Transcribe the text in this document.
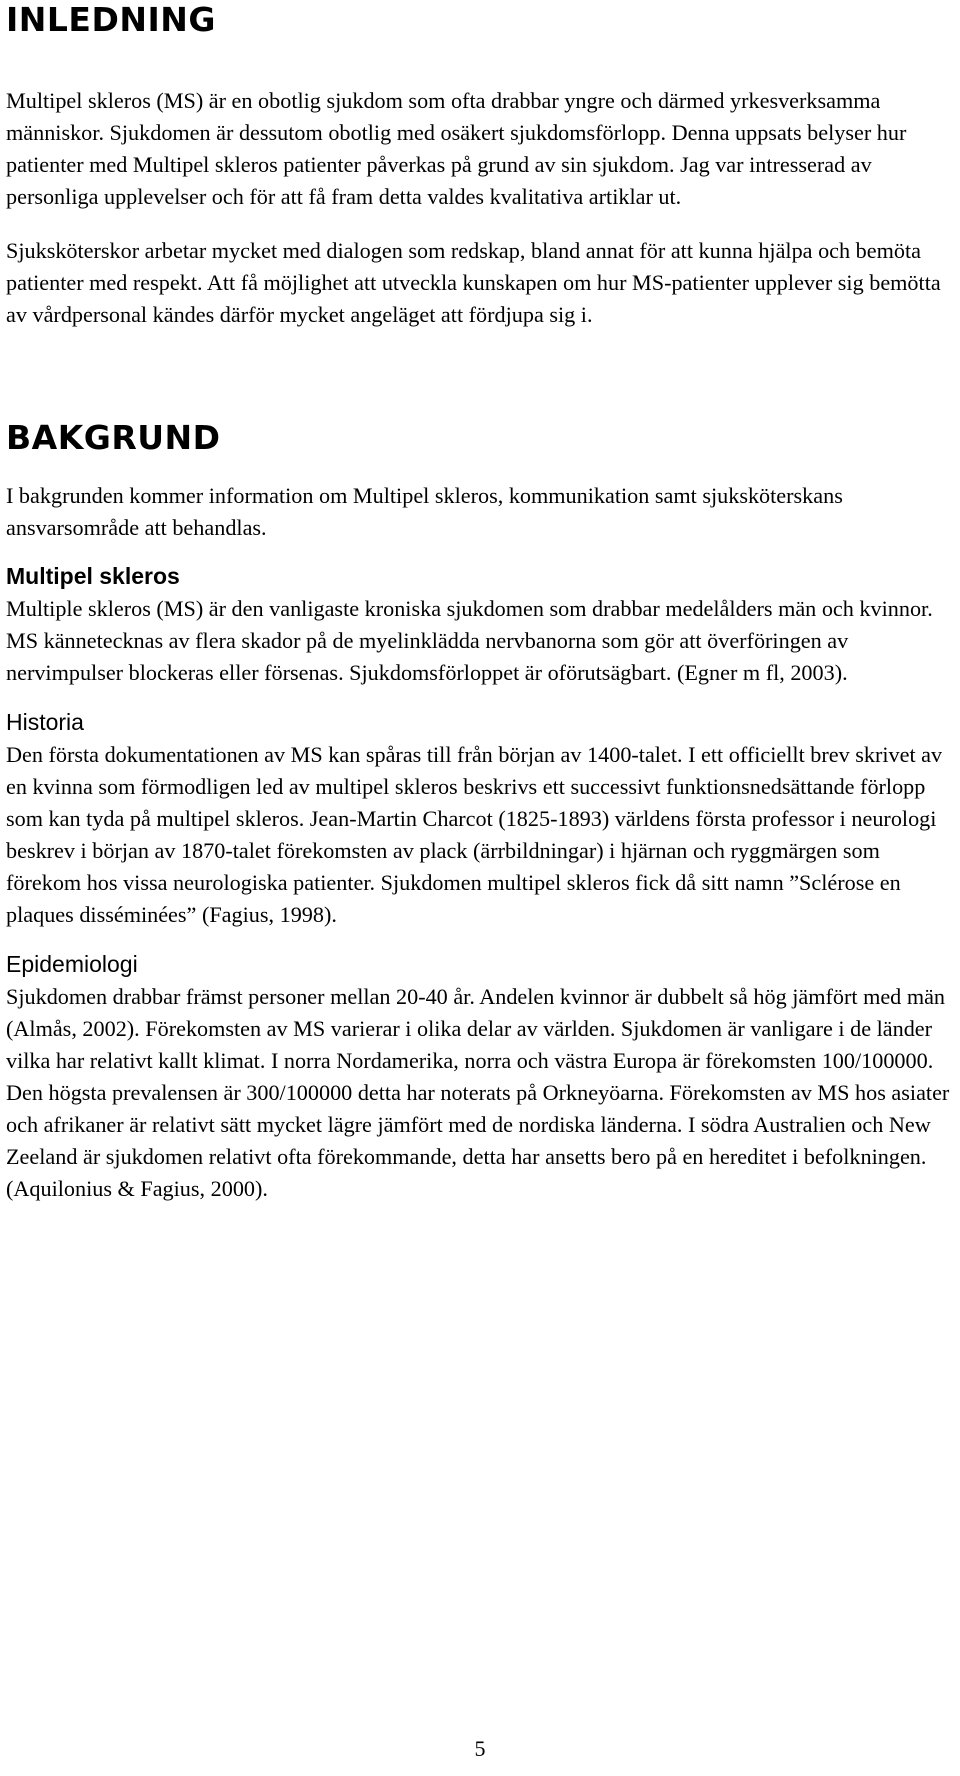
INLEDNING

Multipel skleros (MS) är en obotlig sjukdom som ofta drabbar yngre och därmed yrkesverksamma människor. Sjukdomen är dessutom obotlig med osäkert sjukdomsförlopp. Denna uppsats belyser hur patienter med Multipel skleros patienter påverkas på grund av sin sjukdom. Jag var intresserad av personliga upplevelser och för att få fram detta valdes kvalitativa artiklar ut.

Sjuksköterskor arbetar mycket med dialogen som redskap, bland annat för att kunna hjälpa och bemöta patienter med respekt. Att få möjlighet att utveckla kunskapen om hur MS-patienter upplever sig bemötta av vårdpersonal kändes därför mycket angeläget att fördjupa sig i.

BAKGRUND

I bakgrunden kommer information om Multipel skleros, kommunikation samt sjuksköterskans ansvarsområde att behandlas.

Multipel skleros

Multiple skleros (MS) är den vanligaste kroniska sjukdomen som drabbar medelålders män och kvinnor. MS kännetecknas av flera skador på de myelinklädda nervbanorna som gör att överföringen av nervimpulser blockeras eller försenas. Sjukdomsförloppet är oförutsägbart. (Egner m fl, 2003).

Historia

Den första dokumentationen av MS kan spåras till från början av 1400-talet. I ett officiellt brev skrivet av en kvinna som förmodligen led av multipel skleros beskrivs ett successivt funktionsnedsättande förlopp som kan tyda på multipel skleros. Jean-Martin Charcot (1825-1893) världens första professor i neurologi beskrev i början av 1870-talet förekomsten av plack (ärrbildningar) i hjärnan och ryggmärgen som förekom hos vissa neurologiska patienter. Sjukdomen multipel skleros fick då sitt namn ”Sclérose en plaques disséminées” (Fagius, 1998).

Epidemiologi

Sjukdomen drabbar främst personer mellan 20-40 år. Andelen kvinnor är dubbelt så hög jämfört med män (Almås, 2002). Förekomsten av MS varierar i olika delar av världen. Sjukdomen är vanligare i de länder vilka har relativt kallt klimat. I norra Nordamerika, norra och västra Europa är förekomsten 100/100000. Den högsta prevalensen är 300/100000 detta har noterats på Orkneyöarna. Förekomsten av MS hos asiater och afrikaner är relativt sätt mycket lägre jämfört med de nordiska länderna. I södra Australien och New Zeeland är sjukdomen relativt ofta förekommande, detta har ansetts bero på en hereditet i befolkningen. (Aquilonius & Fagius, 2000).

5
